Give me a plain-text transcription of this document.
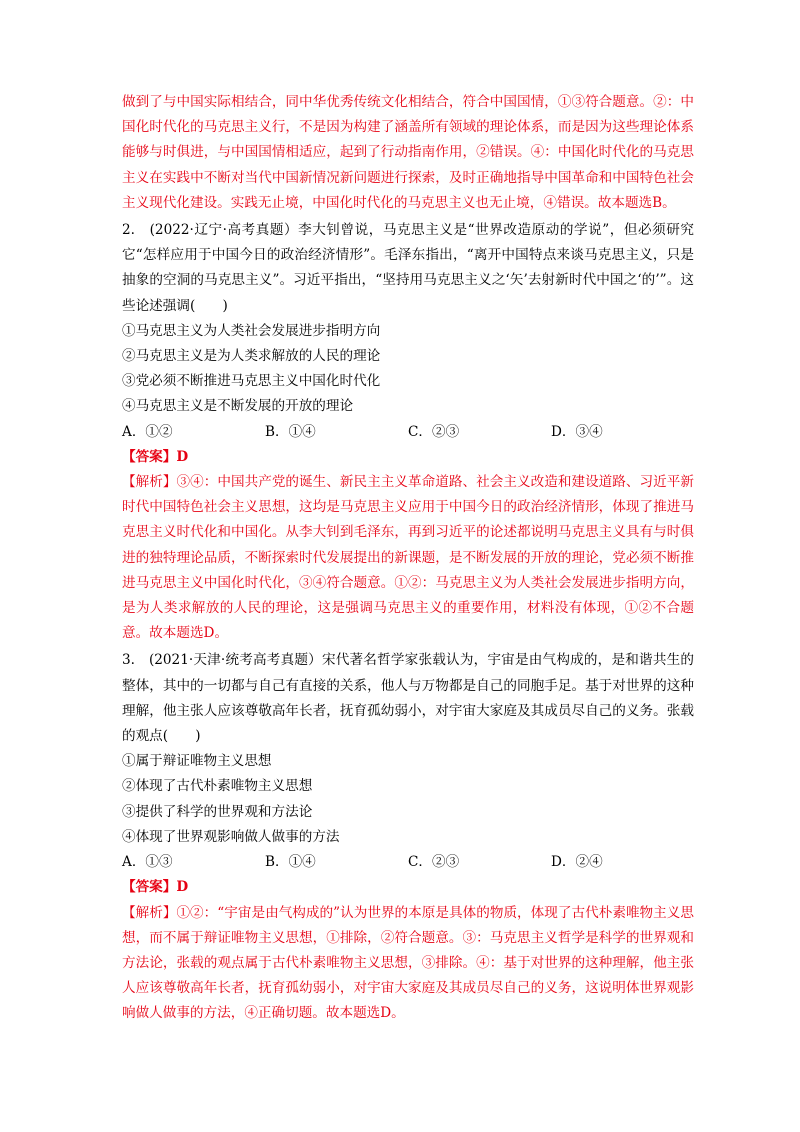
做到了与中国实际相结合，同中华优秀传统文化相结合，符合中国国情，①③符合题意。②：中国化时代化的马克思主义行，不是因为构建了涵盖所有领域的理论体系，而是因为这些理论体系能够与时俱进，与中国国情相适应，起到了行动指南作用，②错误。④：中国化时代化的马克思主义在实践中不断对当代中国新情况新问题进行探索，及时正确地指导中国革命和中国特色社会主义现代化建设。实践无止境，中国化时代化的马克思主义也无止境，④错误。故本题选B。

2.　(2022·辽宁·高考真题）李大钊曾说，马克思主义是“世界改造原动的学说”，但必须研究它“怎样应用于中国今日的政治经济情形”。毛泽东指出，“离开中国特点来谈马克思主义，只是抽象的空洞的马克思主义”。习近平指出，“坚持用马克思主义之‘矢’去射新时代中国之‘的’”。这些论述强调(　　)

①马克思主义为人类社会发展进步指明方向

②马克思主义是为人类求解放的人民的理论

③党必须不断推进马克思主义中国化时代化

④马克思主义是不断发展的开放的理论

A．①②	B．①④	C．②③	D．③④

【答案】D

【解析】③④：中国共产党的诞生、新民主主义革命道路、社会主义改造和建设道路、习近平新时代中国特色社会主义思想，这均是马克思主义应用于中国今日的政治经济情形，体现了推进马克思主义时代化和中国化。从李大钊到毛泽东，再到习近平的论述都说明马克思主义具有与时俱进的独特理论品质，不断探索时代发展提出的新课题，是不断发展的开放的理论，党必须不断推进马克思主义中国化时代化，③④符合题意。①②：马克思主义为人类社会发展进步指明方向，是为人类求解放的人民的理论，这是强调马克思主义的重要作用，材料没有体现，①②不合题意。故本题选D。

3.　(2021·天津·统考高考真题）宋代著名哲学家张载认为，宇宙是由气构成的，是和谐共生的整体，其中的一切都与自己有直接的关系，他人与万物都是自己的同胞手足。基于对世界的这种理解，他主张人应该尊敬高年长者，抚育孤幼弱小，对宇宙大家庭及其成员尽自己的义务。张载的观点(　　)

①属于辩证唯物主义思想

②体现了古代朴素唯物主义思想

③提供了科学的世界观和方法论

④体现了世界观影响做人做事的方法

A．①③	B．①④	C．②③	D．②④

【答案】D

【解析】①②：“宇宙是由气构成的”认为世界的本原是具体的物质，体现了古代朴素唯物主义思想，而不属于辩证唯物主义思想，①排除，②符合题意。③：马克思主义哲学是科学的世界观和方法论，张载的观点属于古代朴素唯物主义思想，③排除。④：基于对世界的这种理解，他主张人应该尊敬高年长者，抚育孤幼弱小，对宇宙大家庭及其成员尽自己的义务，这说明体世界观影响做人做事的方法，④正确切题。故本题选D。
